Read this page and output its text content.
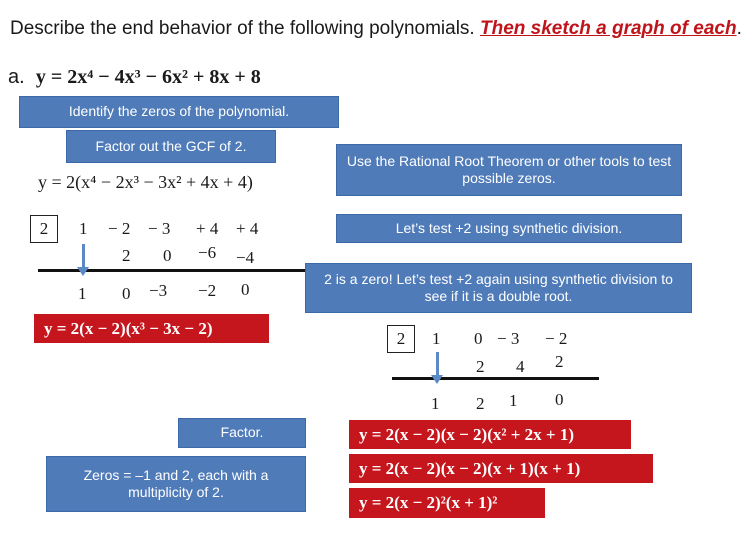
Describe the end behavior of the following polynomials. Then sketch a graph of each.
a. y = 2x⁴ − 4x³ − 6x² + 8x + 8
Identify the zeros of the polynomial.
Factor out the GCF of 2.
y = 2(x⁴ − 2x³ − 3x² + 4x + 4)
Use the Rational Root Theorem or other tools to test possible zeros.
Let’s test +2 using synthetic division.
2	1 − 2 − 3 + 4 + 4
2 0 −6 −4
1 0 −3 −2 0
2 is a zero! Let’s test +2 again using synthetic division to see if it is a double root.
y = 2(x − 2)(x³ − 3x − 2)
2	1 0 − 3 − 2
2 4 2
1 2 1 0
Factor.
Zeros = –1 and 2, each with a multiplicity of 2.
y = 2(x − 2)(x − 2)(x² + 2x + 1)
y = 2(x − 2)(x − 2)(x + 1)(x + 1)
y = 2(x − 2)²(x + 1)²
